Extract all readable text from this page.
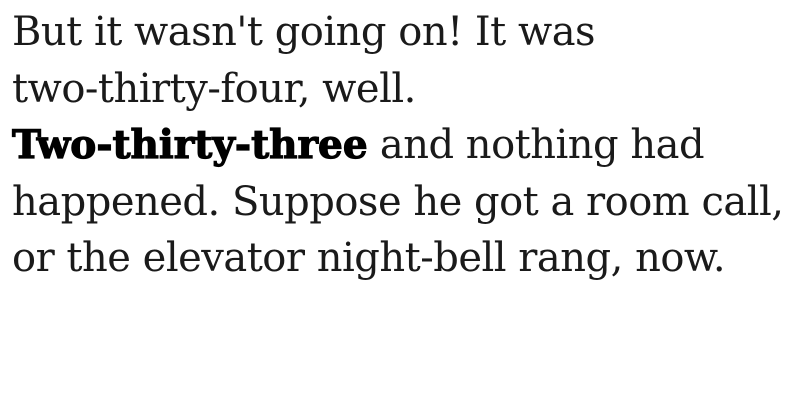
But it wasn't going on! It was
two-thirty-four, well.
Two-thirty-three and nothing had
happened. Suppose he got a room call,
or the elevator night-bell rang, now.
